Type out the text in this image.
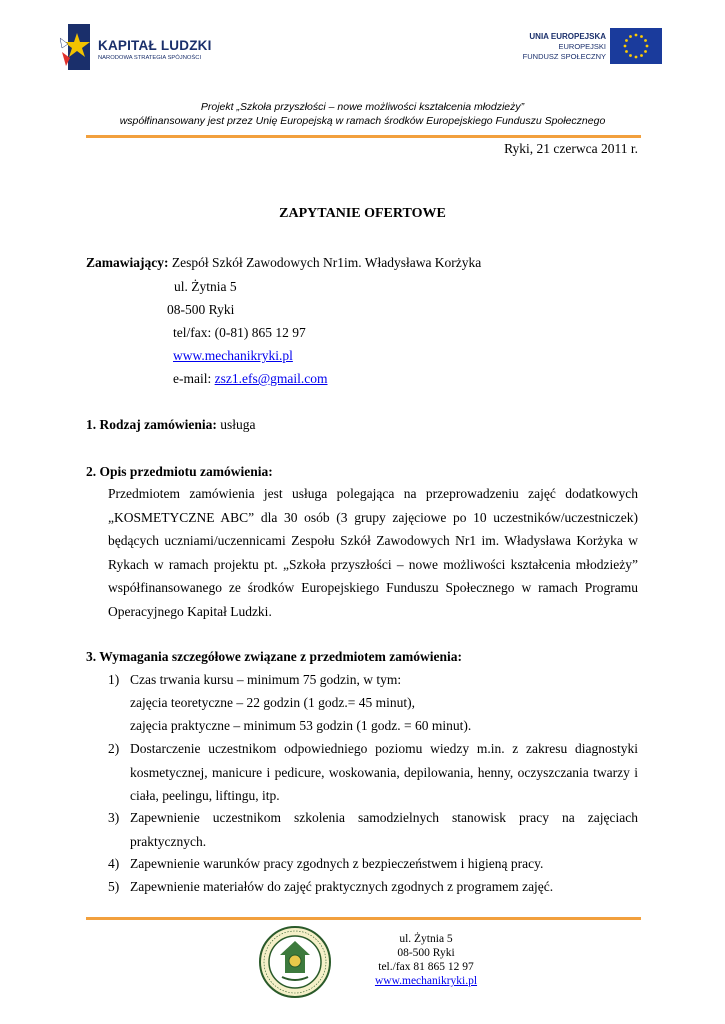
KAPITAŁ LUDZKI
NARODOWA STRATEGIA SPÓJNOŚCI
UNIA EUROPEJSKA
EUROPEJSKI
FUNDUSZ SPOŁECZNY
Projekt „Szkoła przyszłości – nowe możliwości kształcenia młodzieży”
współfinansowany jest przez Unię Europejską w ramach środków Europejskiego Funduszu Społecznego
Ryki, 21 czerwca 2011 r.
ZAPYTANIE OFERTOWE
Zamawiający: Zespół Szkół Zawodowych Nr1im. Władysława Korżyka
ul. Żytnia 5
08-500 Ryki
tel/fax: (0-81) 865 12 97
www.mechanikryki.pl
e-mail: zsz1.efs@gmail.com
1. Rodzaj zamówienia: usługa
2. Opis przedmiotu zamówienia:
Przedmiotem zamówienia jest usługa polegająca na przeprowadzeniu zajęć dodatkowych
„KOSMETYCZNE ABC” dla 30 osób (3 grupy zajęciowe po 10 uczestników/uczestniczek)
będących uczniami/uczennicami Zespołu Szkół Zawodowych Nr1 im. Władysława Korżyka w
Rykach w ramach projektu pt. „Szkoła przyszłości – nowe możliwości kształcenia młodzieży”
współfinansowanego ze środków Europejskiego Funduszu Społecznego w ramach Programu
Operacyjnego Kapitał Ludzki.
3. Wymagania szczegółowe związane z przedmiotem zamówienia:
1) Czas trwania kursu – minimum 75 godzin, w tym:
zajęcia teoretyczne – 22 godzin (1 godz.= 45 minut),
zajęcia praktyczne – minimum 53 godzin (1 godz. = 60 minut).
2) Dostarczenie uczestnikom odpowiedniego poziomu wiedzy m.in. z zakresu diagnostyki
kosmetycznej, manicure i pedicure, woskowania, depilowania, henny, oczyszczania twarzy i
ciała, peelingu, liftingu, itp.
3) Zapewnienie uczestnikom szkolenia samodzielnych stanowisk pracy na zajęciach
praktycznych.
4) Zapewnienie warunków pracy zgodnych z bezpieczeństwem i higieną pracy.
5) Zapewnienie materiałów do zajęć praktycznych zgodnych z programem zajęć.
ul. Żytnia 5
08-500 Ryki
tel./fax 81 865 12 97
www.mechanikryki.pl
